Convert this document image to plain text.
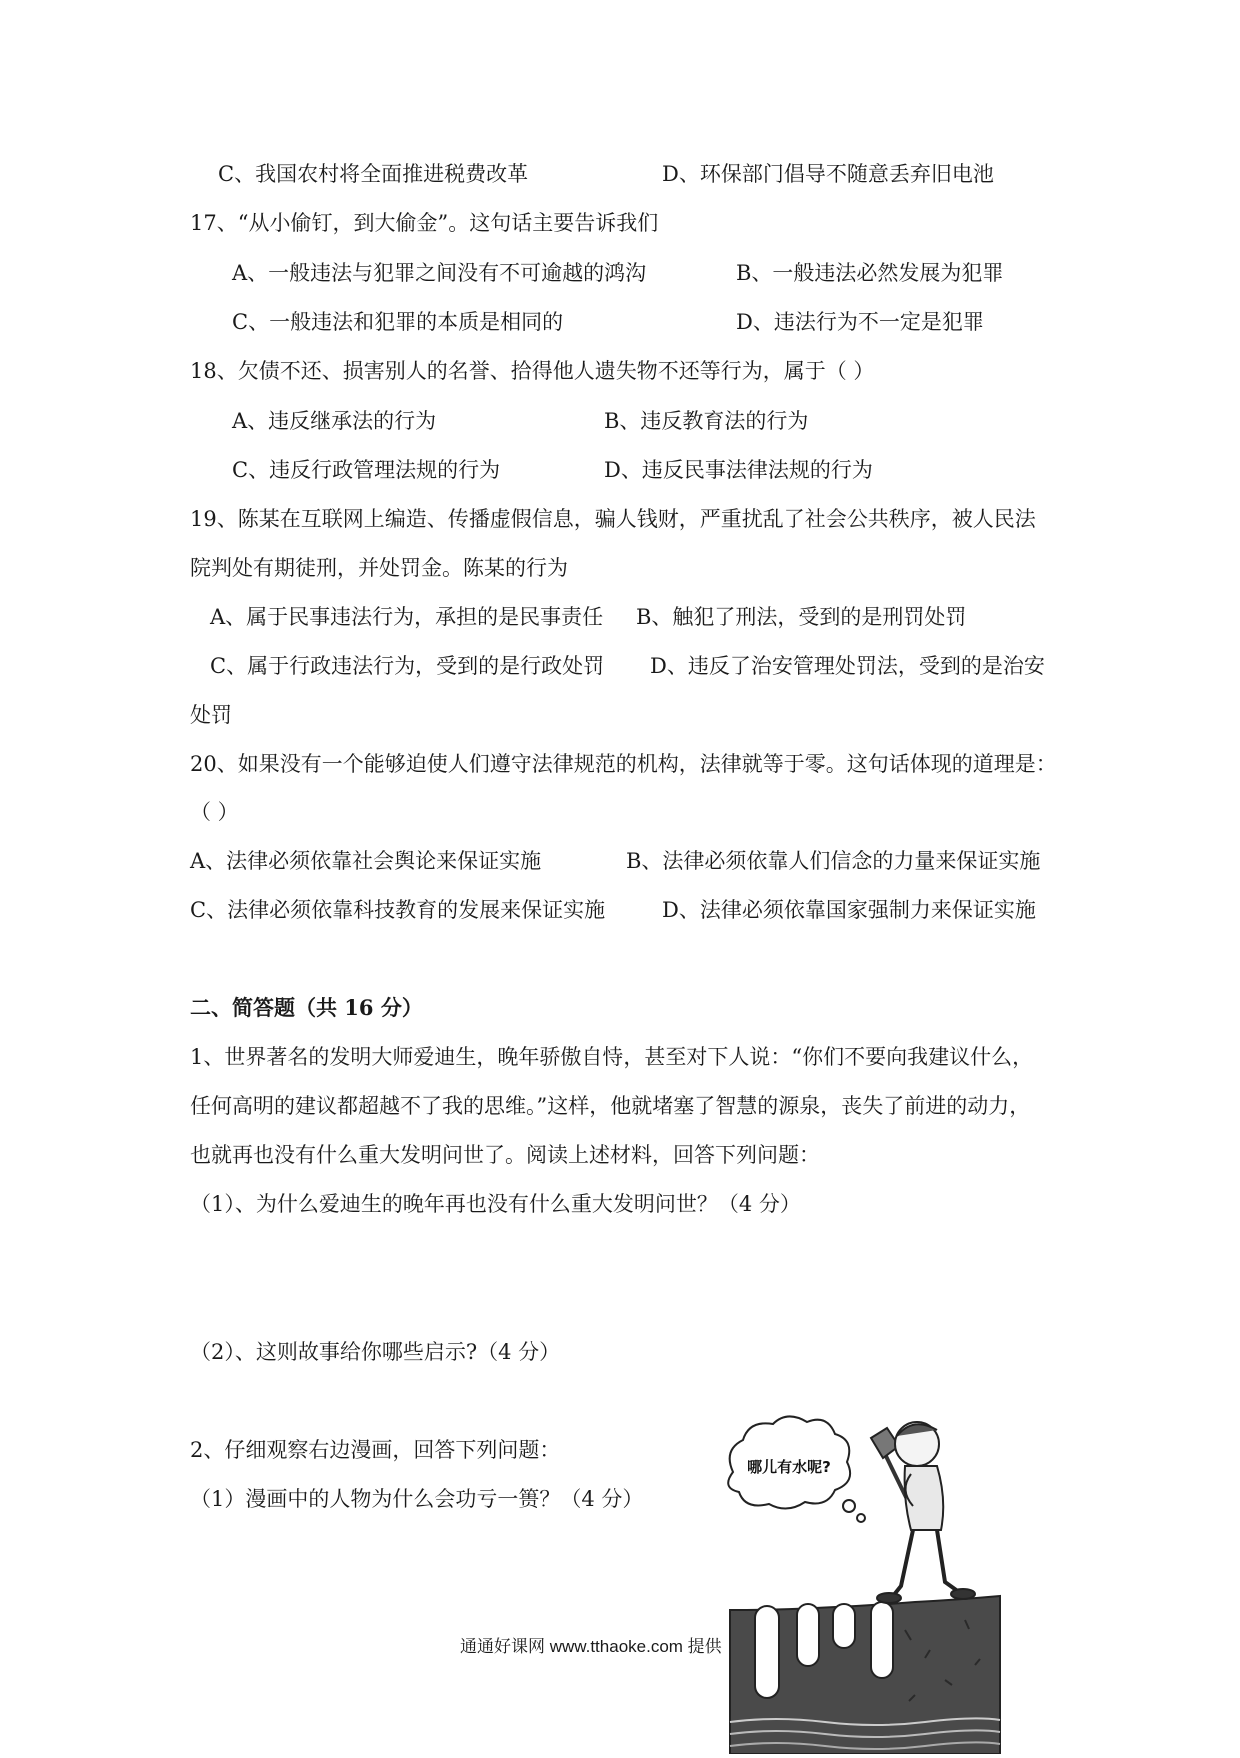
C、我国农村将全面推进税费改革	D、环保部门倡导不随意丢弃旧电池
17、“从小偷钉，到大偷金”。这句话主要告诉我们
A、一般违法与犯罪之间没有不可逾越的鸿沟	B、一般违法必然发展为犯罪
C、一般违法和犯罪的本质是相同的	D、违法行为不一定是犯罪
18、欠债不还、损害别人的名誉、拾得他人遗失物不还等行为，属于（ ）
A、违反继承法的行为	B、违反教育法的行为
C、违反行政管理法规的行为	D、违反民事法律法规的行为
19、陈某在互联网上编造、传播虚假信息，骗人钱财，严重扰乱了社会公共秩序，被人民法
院判处有期徒刑，并处罚金。陈某的行为
A、属于民事违法行为，承担的是民事责任 B、触犯了刑法，受到的是刑罚处罚
C、属于行政违法行为，受到的是行政处罚 D、违反了治安管理处罚法，受到的是治安
处罚
20、如果没有一个能够迫使人们遵守法律规范的机构，法律就等于零。这句话体现的道理是：
（ ）
A、法律必须依靠社会舆论来保证实施	B、法律必须依靠人们信念的力量来保证实施
C、法律必须依靠科技教育的发展来保证实施	D、法律必须依靠国家强制力来保证实施
二、简答题（共 16 分）
1、世界著名的发明大师爱迪生，晚年骄傲自恃，甚至对下人说：“你们不要向我建议什么，
任何高明的建议都超越不了我的思维。”这样，他就堵塞了智慧的源泉，丧失了前进的动力，
也就再也没有什么重大发明问世了。阅读上述材料，回答下列问题：
（1）、为什么爱迪生的晚年再也没有什么重大发明问世？（4 分）
（2）、这则故事给你哪些启示?（4 分）
2、仔细观察右边漫画，回答下列问题：
（1）漫画中的人物为什么会功亏一篑？（4 分）
通通好课网 www.tthaoke.com 提供
哪儿有水呢?
